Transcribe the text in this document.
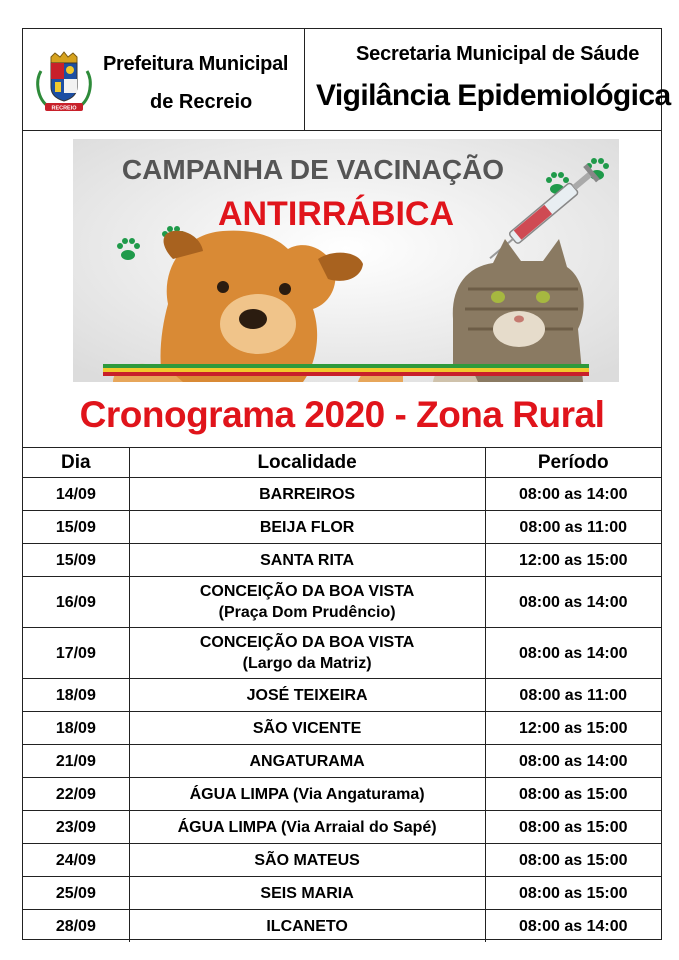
RECREIO
Prefeitura Municipal
de Recreio
Secretaria Municipal de Sáude
Vigilância Epidemiológica
CAMPANHA DE VACINAÇÃO
ANTIRRÁBICA
Cronograma 2020 - Zona Rural
Dia	Localidade	Período
14/09	BARREIROS	08:00 as 14:00
15/09	BEIJA FLOR	08:00 as 11:00
15/09	SANTA RITA	12:00 as 15:00
16/09	CONCEIÇÃO DA BOA VISTA
(Praça Dom Prudêncio)	08:00 as 14:00
17/09	CONCEIÇÃO DA BOA VISTA
(Largo da Matriz)	08:00 as 14:00
18/09	JOSÉ TEIXEIRA	08:00 as 11:00
18/09	SÃO VICENTE	12:00 as 15:00
21/09	ANGATURAMA	08:00 as 14:00
22/09	ÁGUA LIMPA (Via Angaturama)	08:00 as 15:00
23/09	ÁGUA LIMPA (Via Arraial do Sapé)	08:00 as 15:00
24/09	SÃO MATEUS	08:00 as 15:00
25/09	SEIS MARIA	08:00 as 15:00
28/09	ILCANETO	08:00 as 14:00
